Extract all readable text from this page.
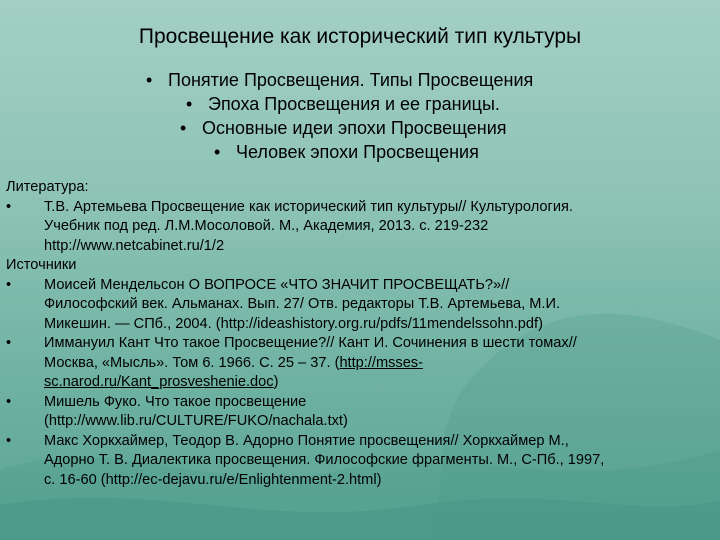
Просвещение как исторический тип культуры
• Понятие Просвещения. Типы Просвещения
• Эпоха Просвещения и ее границы.
• Основные идеи эпохи Просвещения
• Человек эпохи Просвещения
Литература:
• Т.В. Артемьева Просвещение как исторический тип культуры// Культурология.
Учебник под ред. Л.М.Мосоловой. М., Академия, 2013. с. 219-232
http://www.netcabinet.ru/1/2
Источники
• Моисей Мендельсон О ВОПРОСЕ «ЧТО ЗНАЧИТ ПРОСВЕЩАТЬ?»//
Философский век. Альманах. Вып. 27/ Отв. редакторы Т.В. Артемьева, М.И.
Микешин. — СПб., 2004. (http://ideashistory.org.ru/pdfs/11mendelssohn.pdf)
• Иммануил Кант Что такое Просвещение?// Кант И. Сочинения в шести томах//
Москва, «Мысль». Том 6. 1966. С. 25 – 37. (http://msses-
sc.narod.ru/Kant_prosveshenie.doc)
• Мишель Фуко. Что такое просвещение
(http://www.lib.ru/CULTURE/FUKO/nachala.txt)
• Макс Хоркхаймер, Теодор В. Адорно Понятие просвещения// Хоркхаймер М.,
Адорно Т. В. Диалектика просвещения. Философские фрагменты. М., С-Пб., 1997,
с. 16-60 (http://ec-dejavu.ru/e/Enlightenment-2.html)
